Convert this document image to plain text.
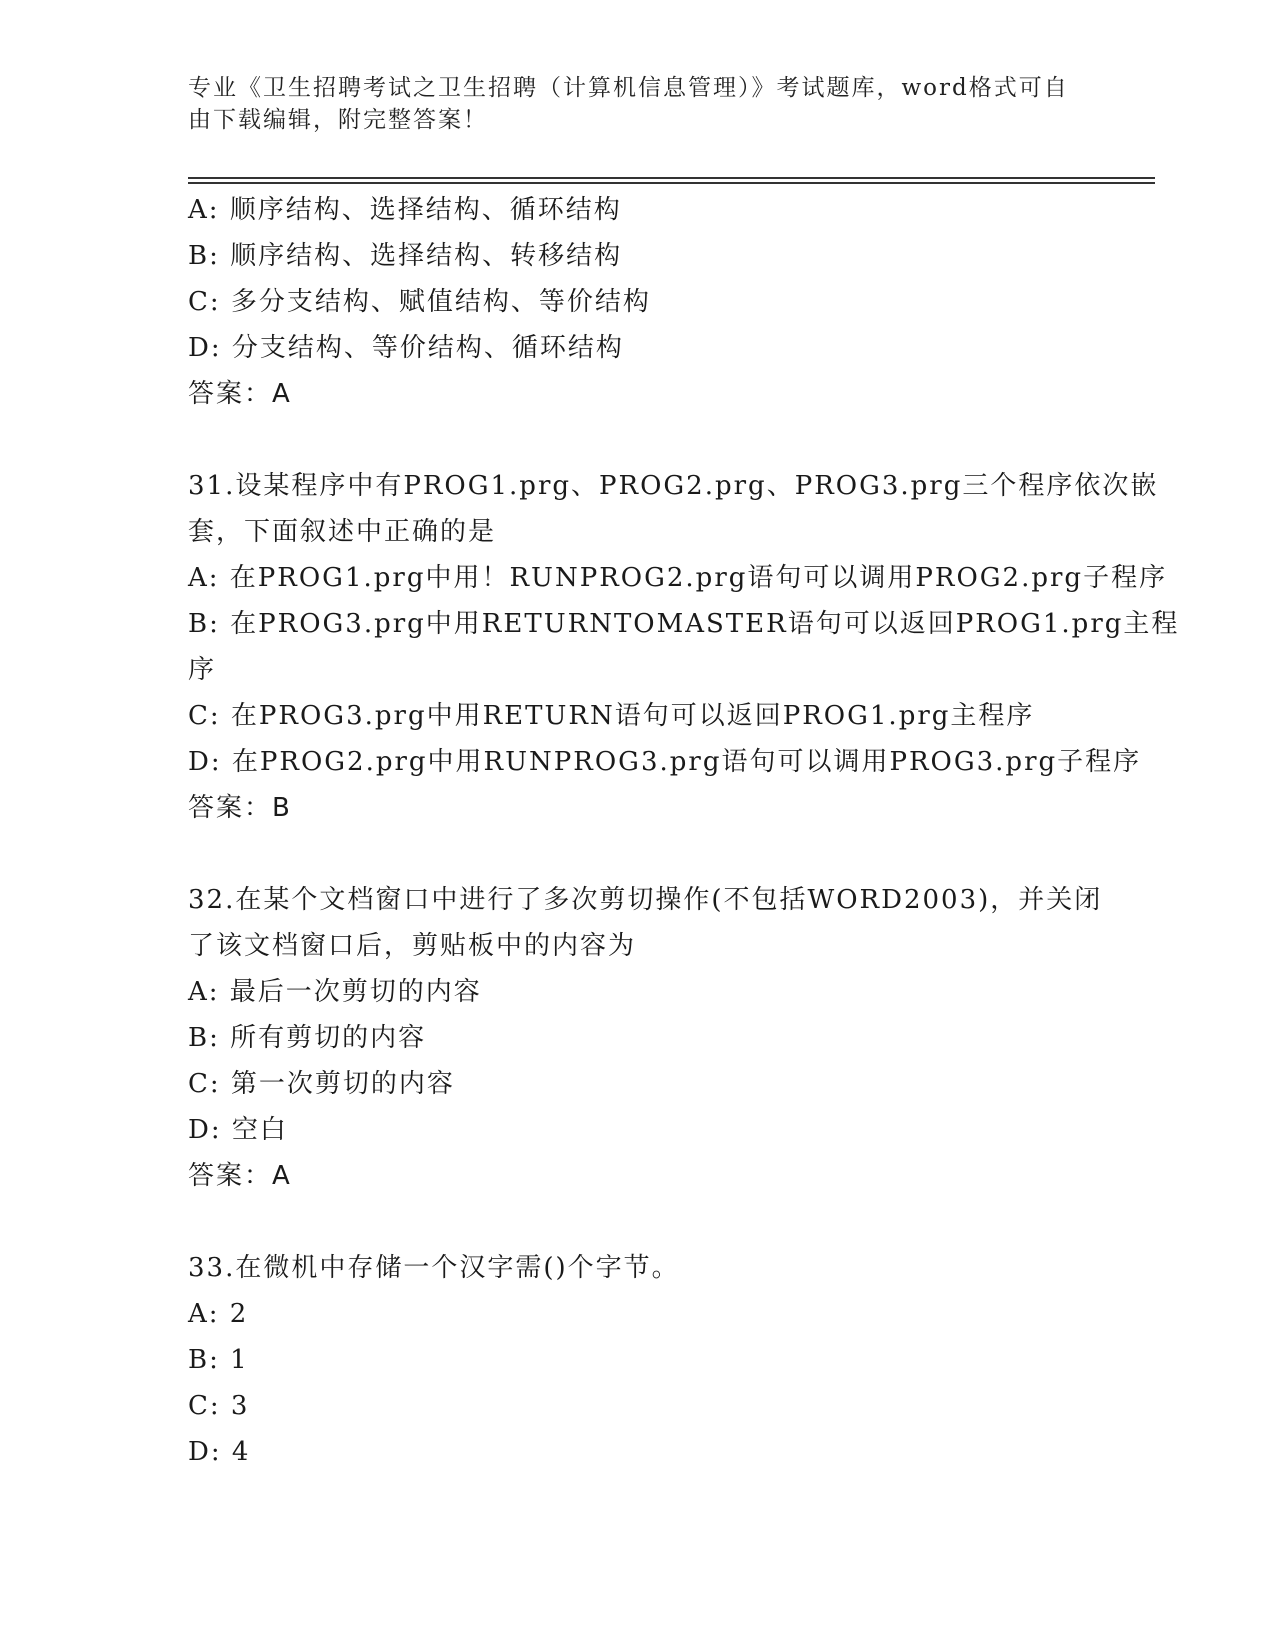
专业《卫生招聘考试之卫生招聘（计算机信息管理）》考试题库，word格式可自
由下载编辑，附完整答案！

A: 顺序结构、选择结构、循环结构

B: 顺序结构、选择结构、转移结构

C: 多分支结构、赋值结构、等价结构

D: 分支结构、等价结构、循环结构

答案：A

31.设某程序中有PROG1.prg、PROG2.prg、PROG3.prg三个程序依次嵌

套，下面叙述中正确的是

A: 在PROG1.prg中用！RUNPROG2.prg语句可以调用PROG2.prg子程序

B: 在PROG3.prg中用RETURNTOMASTER语句可以返回PROG1.prg主程

序

C: 在PROG3.prg中用RETURN语句可以返回PROG1.prg主程序

D: 在PROG2.prg中用RUNPROG3.prg语句可以调用PROG3.prg子程序

答案：B

32.在某个文档窗口中进行了多次剪切操作(不包括WORD2003)，并关闭

了该文档窗口后，剪贴板中的内容为

A: 最后一次剪切的内容

B: 所有剪切的内容

C: 第一次剪切的内容

D: 空白

答案：A

33.在微机中存储一个汉字需()个字节。

A: 2

B: 1

C: 3

D: 4
